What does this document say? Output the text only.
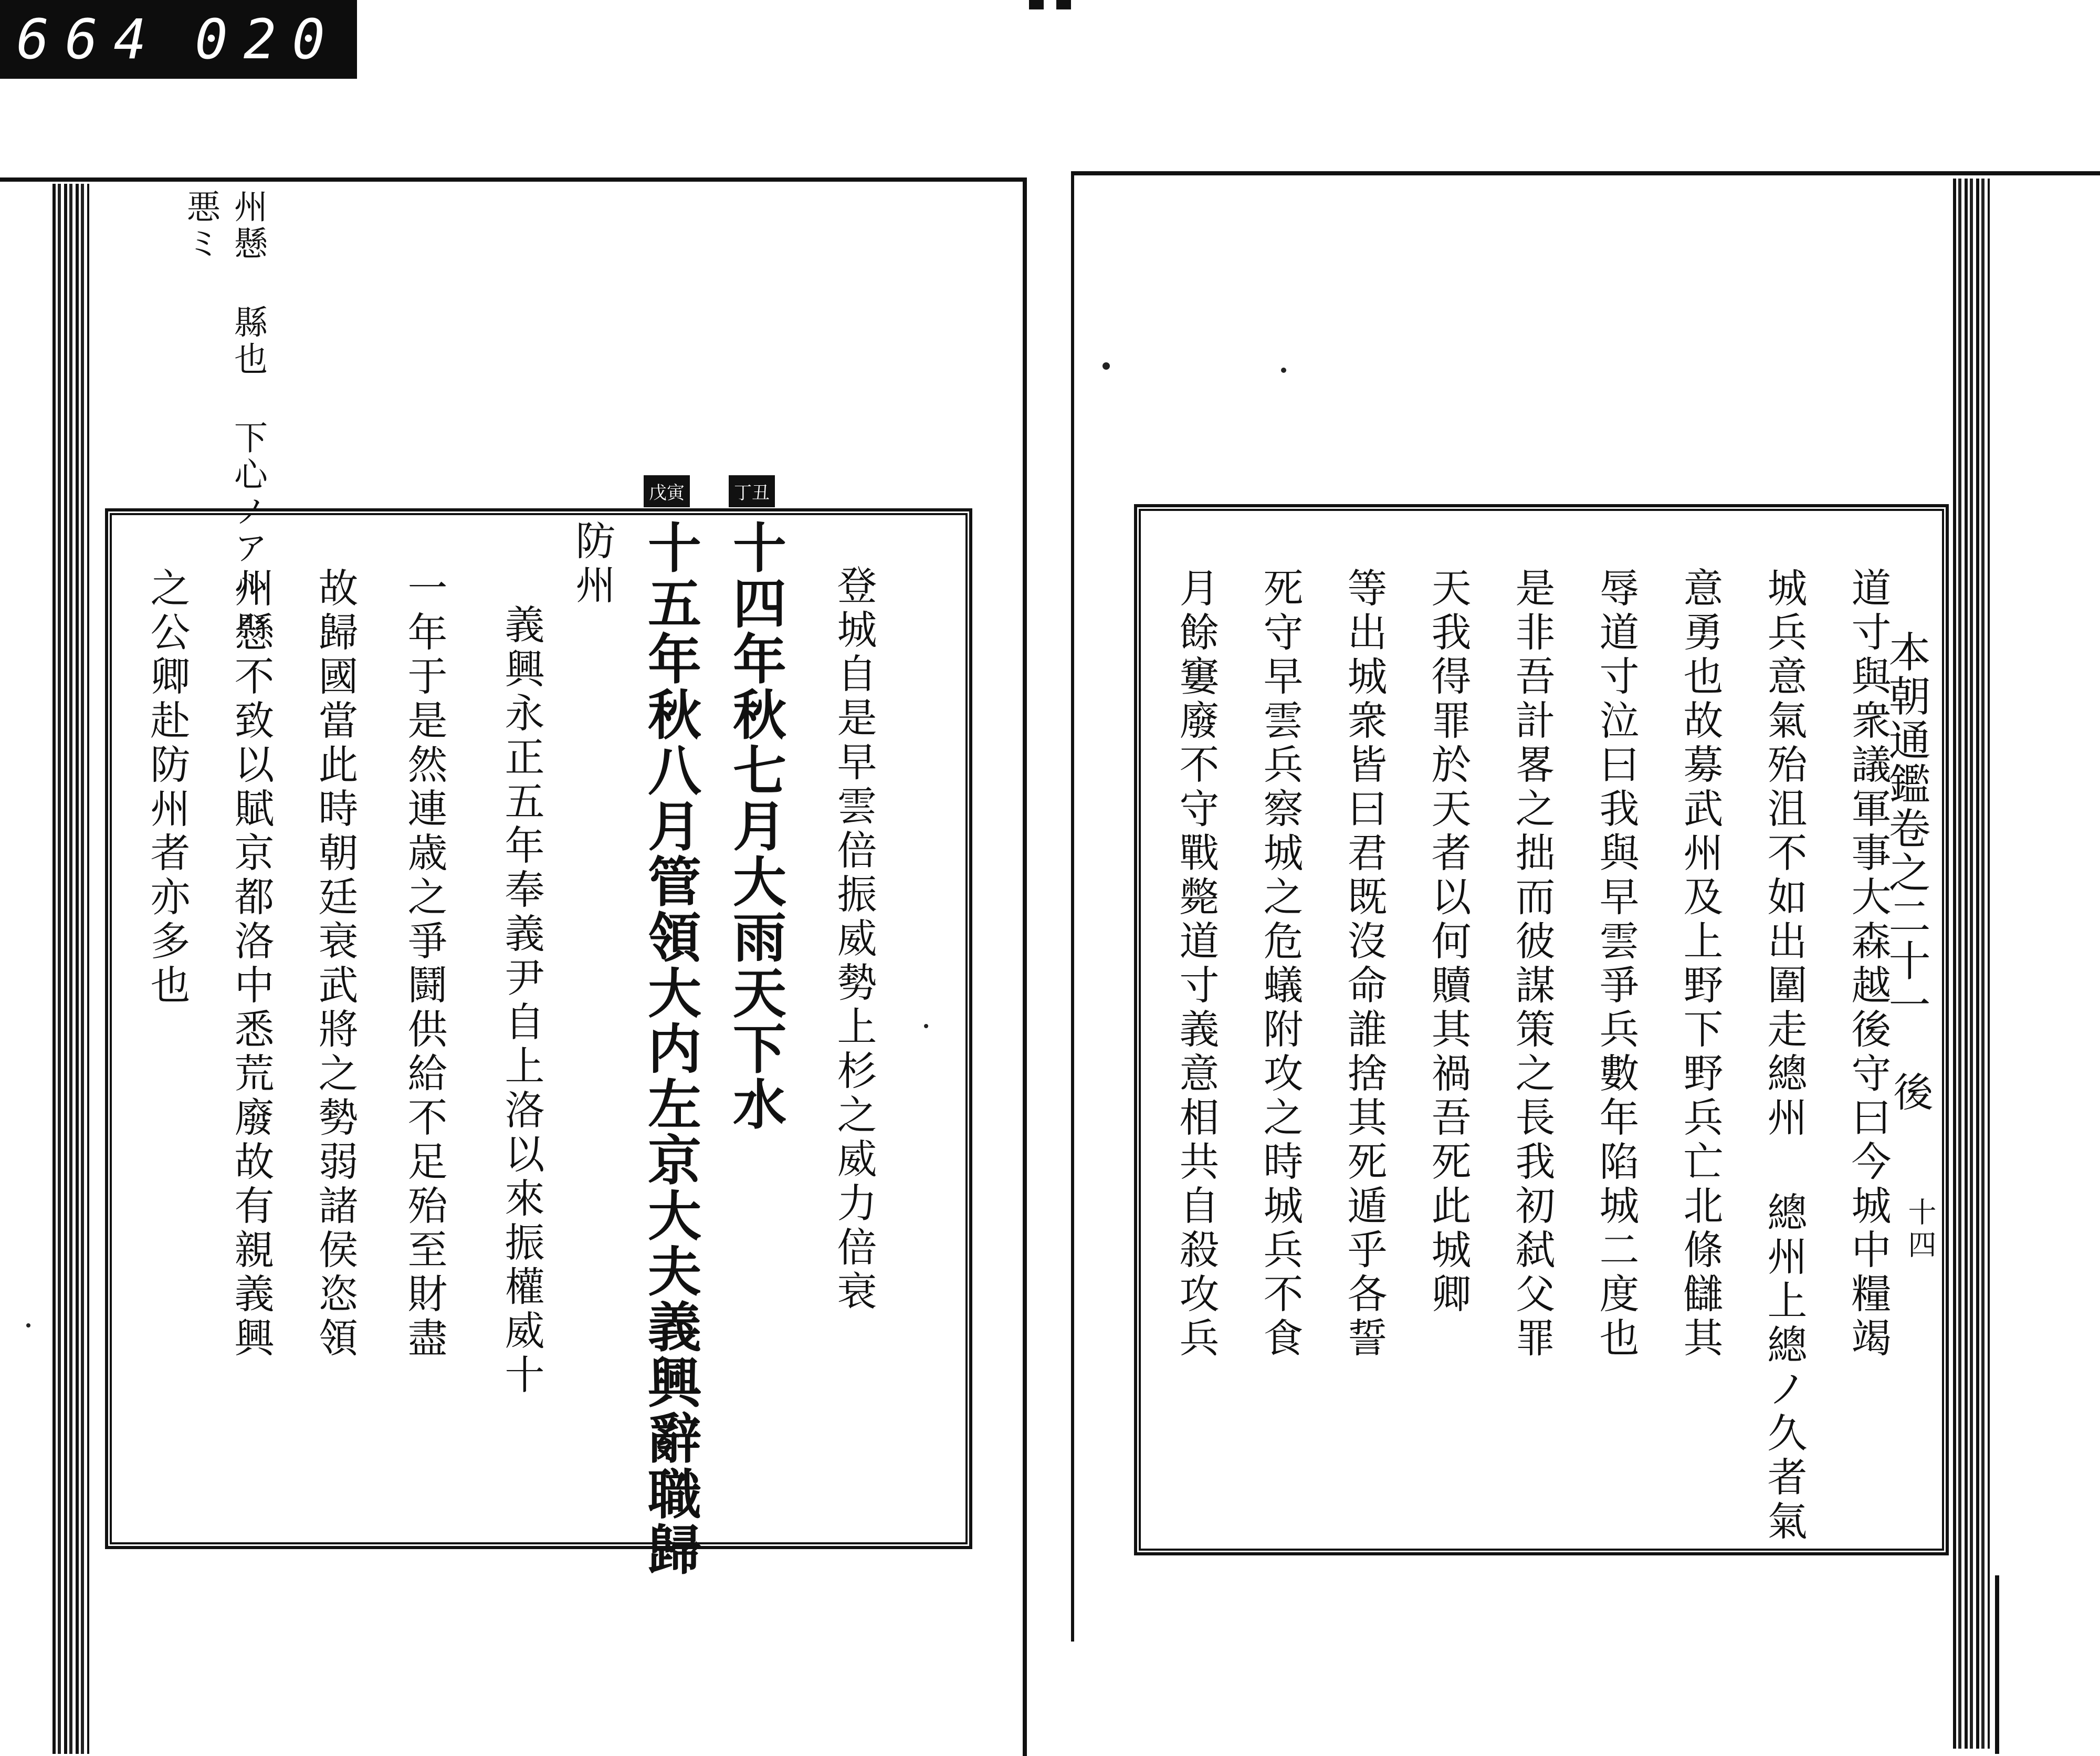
664 020
州懸 縣也 下心ノアルハ
悪ミ
丁丑
戊寅
登城自是早雲倍振威勢上杉之威力倍衰
十四年秋七月大雨天下水
十五年秋八月管領大内左京大夫義興辭職歸
防州
義興永正五年奉義尹自上洛以來振權威十
一年于是然連歳之爭鬪供給不足殆至財盡
故歸國當此時朝廷衰武將之勢弱諸侯恣領
州懸不致以賦京都洛中悉荒廢故有親義興
之公卿赴防州者亦多也	本朝通鑑卷之二十一
後
十四
道寸與衆議軍事大森越後守曰今城中糧竭
城兵意氣殆沮不如出圍走總州 總州上總ノ久者氣
意勇也故募武州及上野下野兵亡北條讎其
辱道寸泣曰我與早雲爭兵數年陷城二度也
是非吾計畧之拙而彼謀策之長我初弑父罪
天我得罪於天者以何贖其禍吾死此城卿
等出城衆皆曰君既沒命誰捨其死遁乎各誓
死守早雲兵察城之危蟻附攻之時城兵不食
月餘窶廢不守戰斃道寸義意相共自殺攻兵
